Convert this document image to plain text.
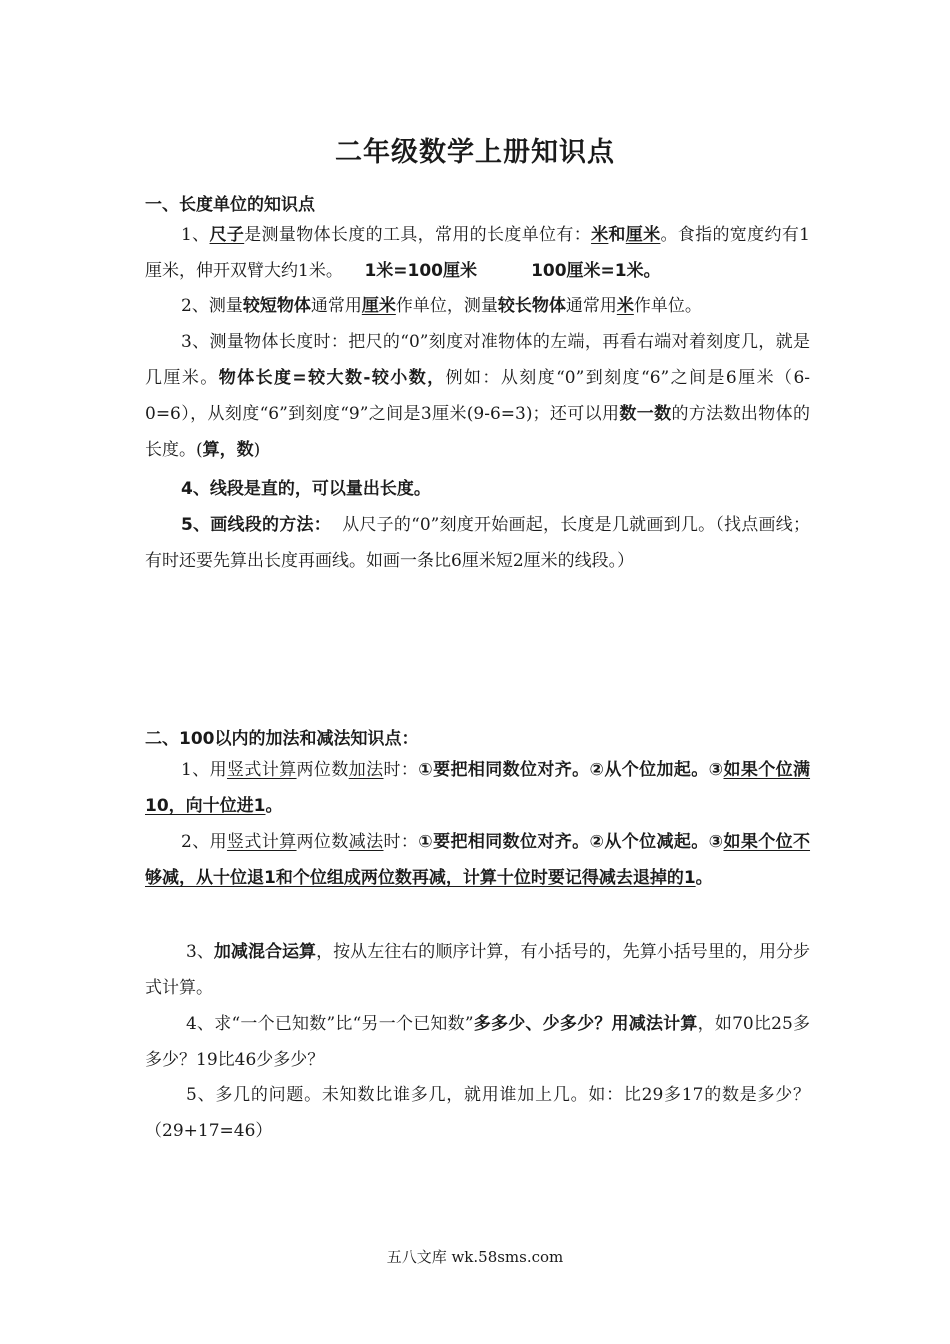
二年级数学上册知识点
一、长度单位的知识点
1、尺子是测量物体长度的工具，常用的长度单位有：米和厘米。食指的宽度约有1厘米，伸开双臂大约1米。 1米=100厘米	100厘米=1米。
2、测量较短物体通常用厘米作单位，测量较长物体通常用米作单位。
3、测量物体长度时：把尺的“0”刻度对准物体的左端，再看右端对着刻度几，就是几厘米。物体长度=较大数-较小数，例如：从刻度“0”到刻度“6”之间是6厘米（6-0=6），从刻度“6”到刻度“9”之间是3厘米(9-6=3)；还可以用数一数的方法数出物体的长度。(算，数)
4、线段是直的，可以量出长度。
5、画线段的方法： 从尺子的“0”刻度开始画起，长度是几就画到几。（找点画线；有时还要先算出长度再画线。如画一条比6厘米短2厘米的线段。）
二、100以内的加法和减法知识点：
1、用竖式计算两位数加法时：①要把相同数位对齐。②从个位加起。③如果个位满10，向十位进1。
2、用竖式计算两位数减法时：①要把相同数位对齐。②从个位减起。③如果个位不够减，从十位退1和个位组成两位数再减，计算十位时要记得减去退掉的1。
3、加减混合运算，按从左往右的顺序计算，有小括号的，先算小括号里的，用分步式计算。
4、求“一个已知数”比“另一个已知数”多多少、少多少？用减法计算，如70比25多多少？19比46少多少？
5、多几的问题。未知数比谁多几，就用谁加上几。如：比29多17的数是多少？（29+17=46）
五八文库 wk.58sms.com
